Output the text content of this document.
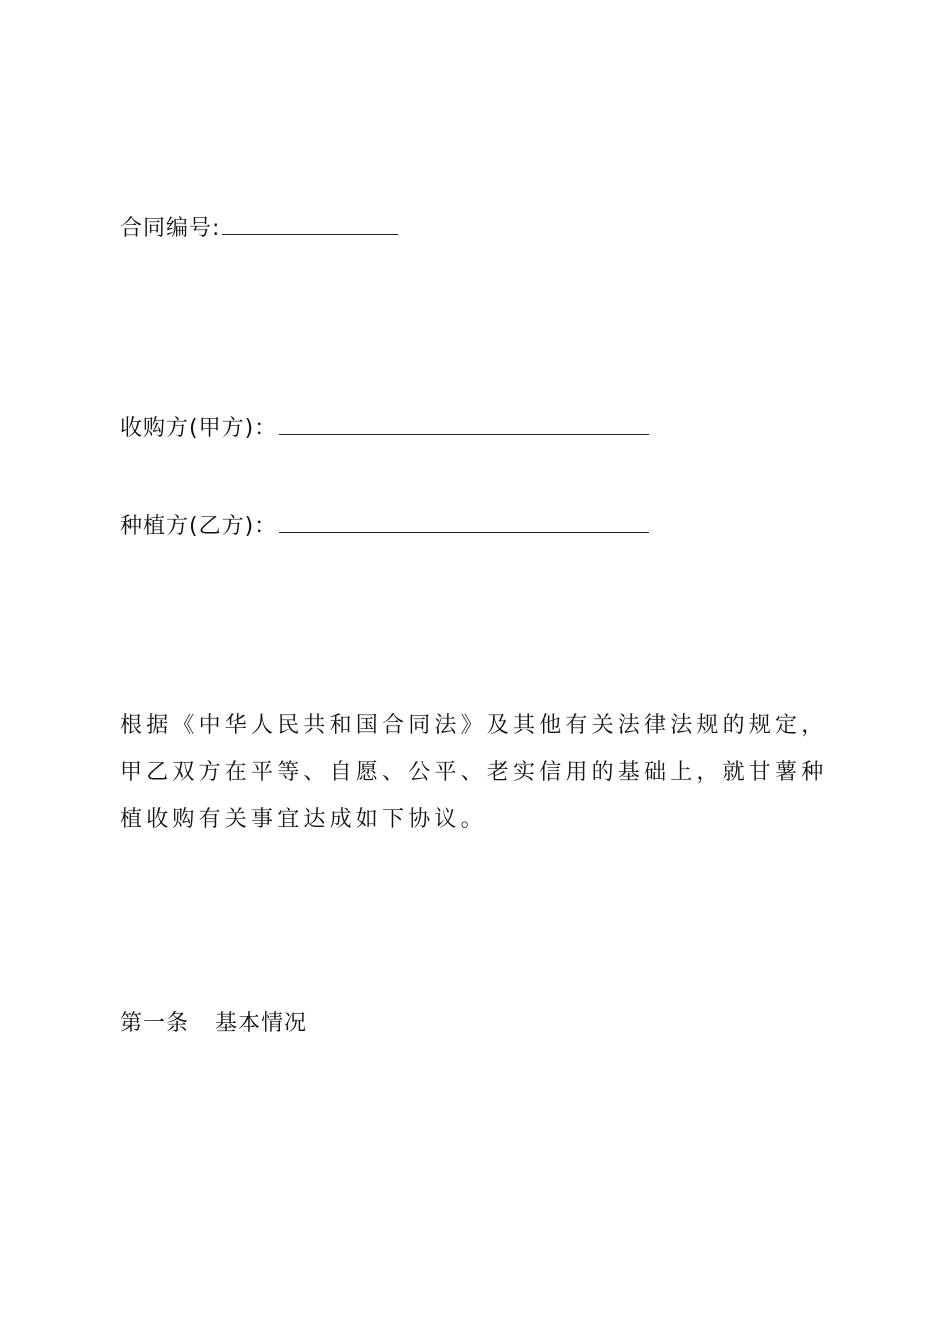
合同编号:
收购方(甲方)：
种植方(乙方)：
根据《中华人民共和国合同法》及其他有关法律法规的规定，甲乙双方在平等、自愿、公平、老实信用的基础上，就甘薯种植收购有关事宜达成如下协议。
第一条 基本情况
